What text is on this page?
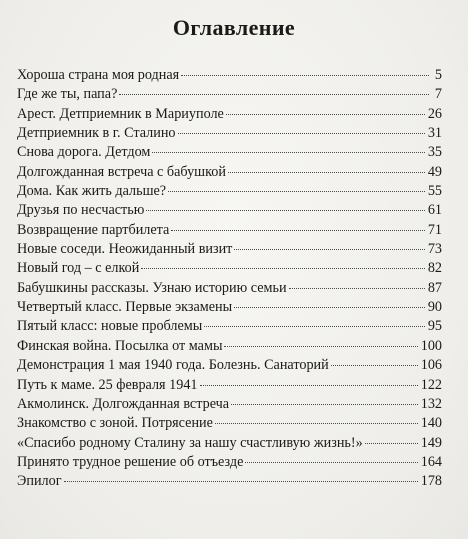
Оглавление
Хороша страна моя родная	5
Где же ты, папа?	7
Арест. Детприемник в Мариуполе	26
Детприемник в г. Сталино	31
Снова дорога. Детдом	35
Долгожданная встреча с бабушкой	49
Дома. Как жить дальше?	55
Друзья по несчастью	61
Возвращение партбилета	71
Новые соседи. Неожиданный визит	73
Новый год – с елкой	82
Бабушкины рассказы. Узнаю историю семьи	87
Четвертый класс. Первые экзамены	90
Пятый класс: новые проблемы	95
Финская война. Посылка от мамы	100
Демонстрация 1 мая 1940 года. Болезнь. Санаторий	106
Путь к маме. 25 февраля 1941	122
Акмолинск. Долгожданная встреча	132
Знакомство с зоной. Потрясение	140
«Спасибо родному Сталину за нашу счастливую жизнь!»	149
Принято трудное решение об отъезде	164
Эпилог	178
